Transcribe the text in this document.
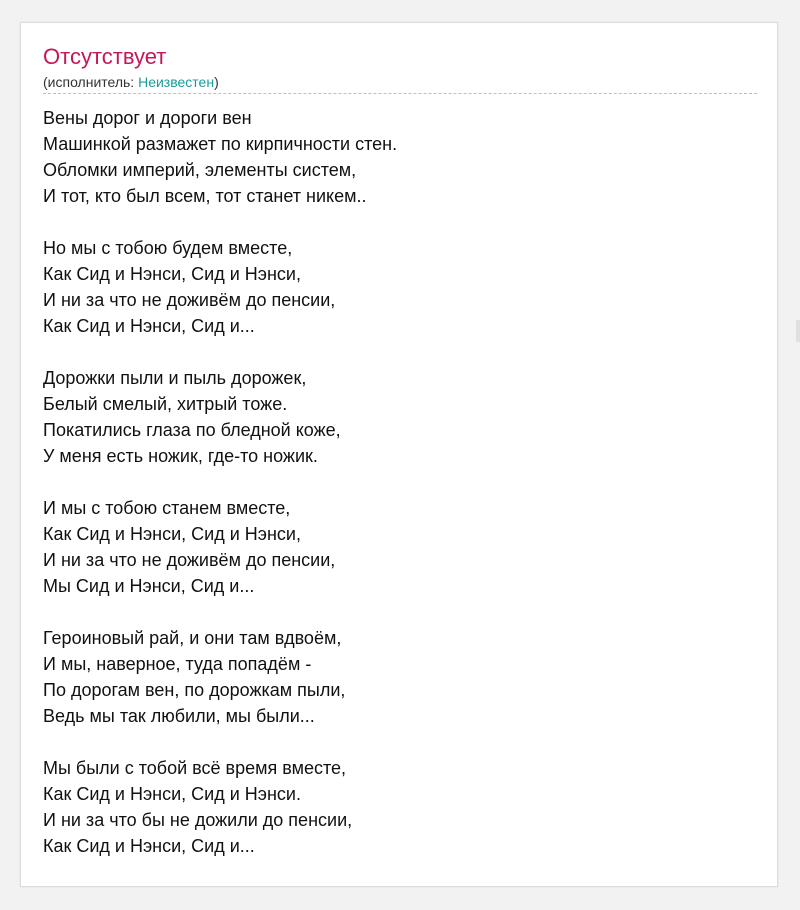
Отсутствует
(исполнитель: Неизвестен)
Вены дорог и дороги вен
Машинкой размажет по кирпичности стен.
Обломки империй, элементы систем,
И тот, кто был всем, тот станет никем..
Но мы с тобою будем вместе,
Как Сид и Нэнси, Сид и Нэнси,
И ни за что не доживём до пенсии,
Как Сид и Нэнси, Сид и...
Дорожки пыли и пыль дорожек,
Белый смелый, хитрый тоже.
Покатились глаза по бледной коже,
У меня есть ножик, где-то ножик.
И мы с тобою станем вместе,
Как Сид и Нэнси, Сид и Нэнси,
И ни за что не доживём до пенсии,
Мы Сид и Нэнси, Сид и...
Героиновый рай, и они там вдвоём,
И мы, наверное, туда попадём -
По дорогам вен, по дорожкам пыли,
Ведь мы так любили, мы были...
Мы были с тобой всё время вместе,
Как Сид и Нэнси, Сид и Нэнси.
И ни за что бы не дожили до пенсии,
Как Сид и Нэнси, Сид и...
